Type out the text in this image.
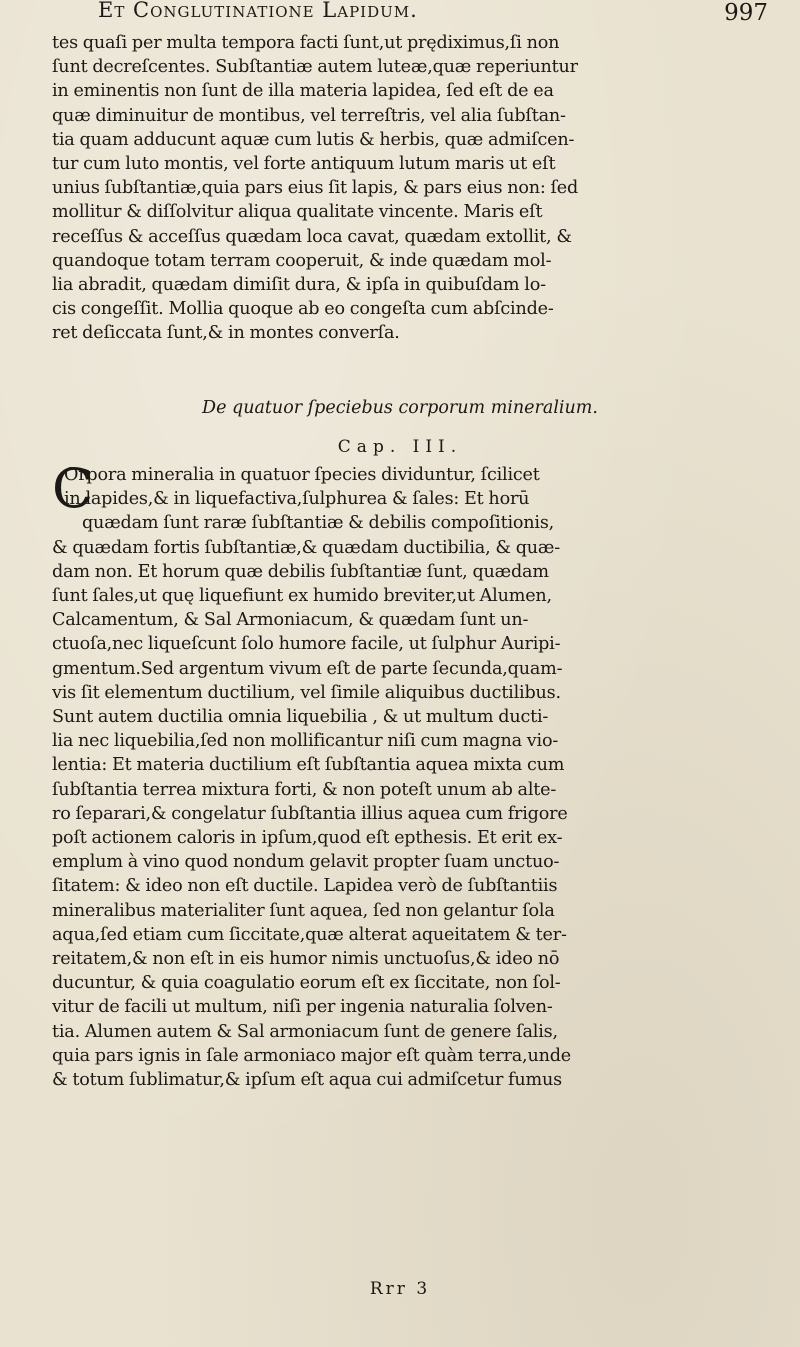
Et Conglutinatione Lapidum.	997
tes quaſi per multa tempora facti ſunt,ut prędiximus,ſi non
ſunt decreſcentes. Subſtantiæ autem luteæ,quæ reperiuntur
in eminentis non ſunt de illa materia lapidea, ſed eſt de ea
quæ diminuitur de montibus, vel terreſtris, vel alia ſubſtan-
tia quam adducunt aquæ cum lutis & herbis, quæ admiſcen-
tur cum luto montis, vel forte antiquum lutum maris ut eſt
unius ſubſtantiæ,quia pars eius ſit lapis, & pars eius non: ſed
mollitur & diſſolvitur aliqua qualitate vincente. Maris eſt
receſſus & acceſſus quædam loca cavat, quædam extollit, &
quandoque totam terram cooperuit, & inde quædam mol-
lia abradit, quædam dimiſit dura, & ipſa in quibuſdam lo-
cis congeſſit. Mollia quoque ab eo congeſta cum abſcinde-
ret deſiccata ſunt,& in montes converſa.
De quatuor ſpeciebus corporum mineralium.
Cap. III.
C
Orpora mineralia in quatuor ſpecies dividuntur, ſcilicet
in lapides,& in liquefactiva,ſulphurea & ſales: Et horū
quædam ſunt raræ ſubſtantiæ & debilis compoſitionis,
& quædam fortis ſubſtantiæ,& quædam ductibilia, & quæ-
dam non. Et horum quæ debilis ſubſtantiæ ſunt, quædam
ſunt ſales,ut quę liquefiunt ex humido breviter,ut Alumen,
Calcamentum, & Sal Armoniacum, & quædam ſunt un-
ctuoſa,nec liqueſcunt ſolo humore facile, ut ſulphur Auripi-
gmentum.Sed argentum vivum eſt de parte ſecunda,quam-
vis ſit elementum ductilium, vel ſimile aliquibus ductilibus.
Sunt autem ductilia omnia liquebilia , & ut multum ducti-
lia nec liquebilia,ſed non mollificantur niſi cum magna vio-
lentia: Et materia ductilium eſt ſubſtantia aquea mixta cum
ſubſtantia terrea mixtura forti, & non poteſt unum ab alte-
ro ſeparari,& congelatur ſubſtantia illius aquea cum frigore
poſt actionem caloris in ipſum,quod eſt epthesis. Et erit ex-
emplum à vino quod nondum gelavit propter ſuam unctuo-
ſitatem: & ideo non eſt ductile. Lapidea verò de ſubſtantiis
mineralibus materialiter ſunt aquea, ſed non gelantur ſola
aqua,ſed etiam cum ſiccitate,quæ alterat aqueitatem & ter-
reitatem,& non eſt in eis humor nimis unctuoſus,& ideo nō
ducuntur, & quia coagulatio eorum eſt ex ſiccitate, non ſol-
vitur de facili ut multum, niſi per ingenia naturalia ſolven-
tia. Alumen autem & Sal armoniacum ſunt de genere ſalis,
quia pars ignis in ſale armoniaco major eſt quàm terra,unde
& totum ſublimatur,& ipſum eſt aqua cui admiſcetur fumus
Rrr 3
